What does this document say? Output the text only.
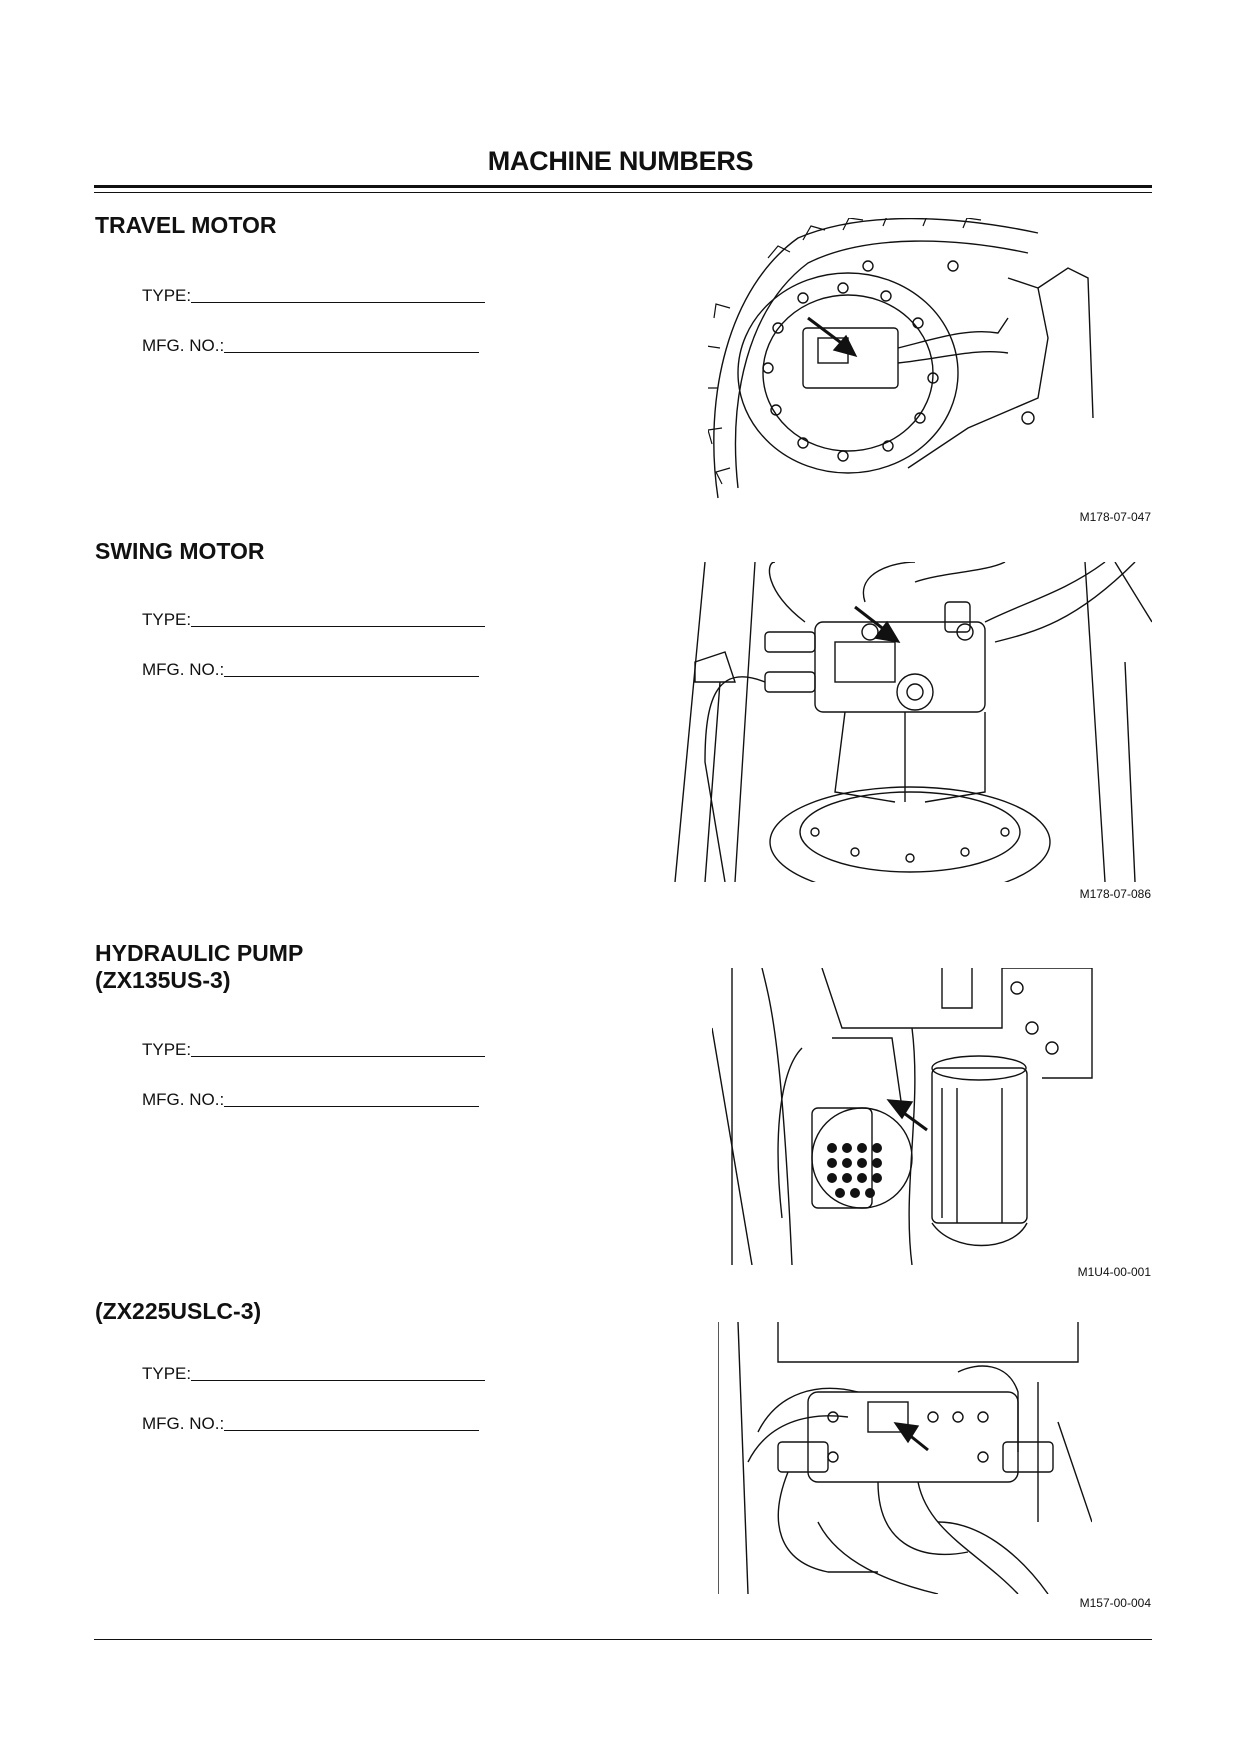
MACHINE NUMBERS
TRAVEL MOTOR
TYPE:
MFG. NO.:
M178-07-047
SWING MOTOR
TYPE:
MFG. NO.:
M178-07-086
HYDRAULIC PUMP
(ZX135US-3)
TYPE:
MFG. NO.:
M1U4-00-001
(ZX225USLC-3)
TYPE:
MFG. NO.:
M157-00-004
